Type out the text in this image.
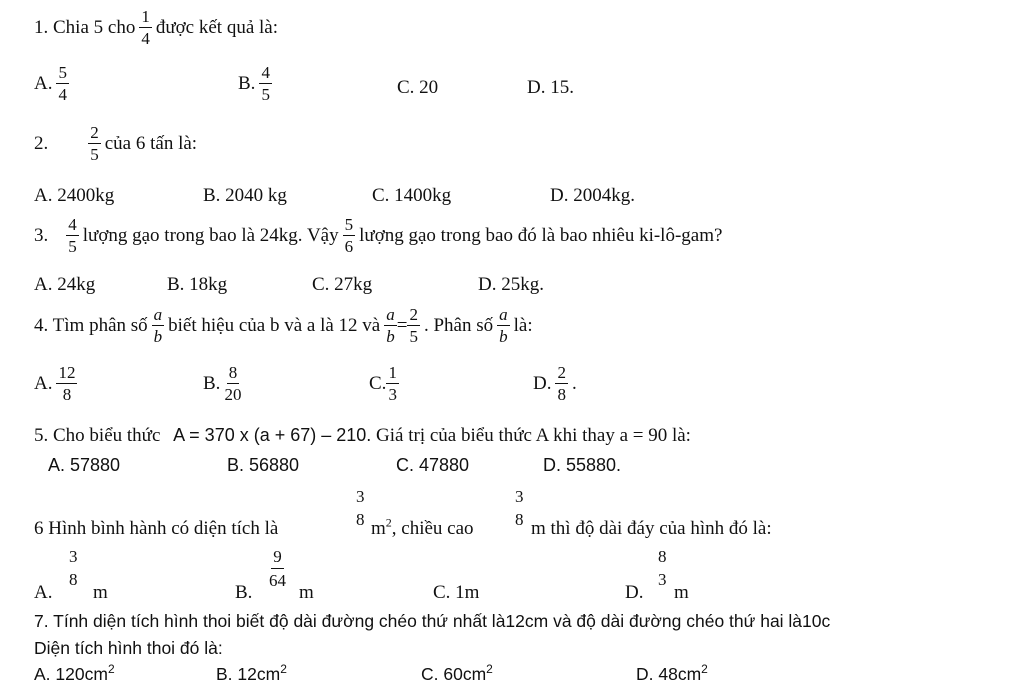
1. Chia 5 cho $\frac{1}{4}$ được kết quả là:
A. $\frac{5}{4}$	B. $\frac{4}{5}$	C. 20	D. 15.
2. $\frac{2}{5}$ của 6 tấn là:
A. 2400kg	B. 2040 kg	C. 1400kg	D. 2004kg.
3. $\frac{4}{5}$ lượng gạo trong bao là 24kg. Vậy $\frac{5}{6}$ lượng gạo trong bao đó là bao nhiêu ki-lô-gam?
A. 24kg	B. 18kg	C. 27kg	D. 25kg.
4. Tìm phân số $\frac{a}{b}$ biết hiệu của b và a là 12 và $\frac{a}{b} = \frac{2}{5}$ . Phân số $\frac{a}{b}$ là:
A. $\frac{12}{8}$	B. $\frac{8}{20}$	C. $\frac{1}{3}$	D. $\frac{2}{8}$ .
5. Cho biểu thức A = 370 x (a + 67) – 210. Giá trị của biểu thức A khi thay a = 90 là:
A. 57880	B. 56880	C. 47880	D. 55880.
6 Hình bình hành có diện tích là
3
8 $m^2$, chiều cao
3
8 m thì độ dài đáy của hình đó là:
A.
3
8
m	B.
$\frac{9}{64}$
m	C. 1m	D.
8
3
m
7. Tính diện tích hình thoi biết độ dài đường chéo thứ nhất là12cm và độ dài đường chéo thứ hai là10c
Diện tích hình thoi đó là:
A. $120cm^2$	B. $12cm^2$	C. $60cm^2$	D. $48cm^2$
